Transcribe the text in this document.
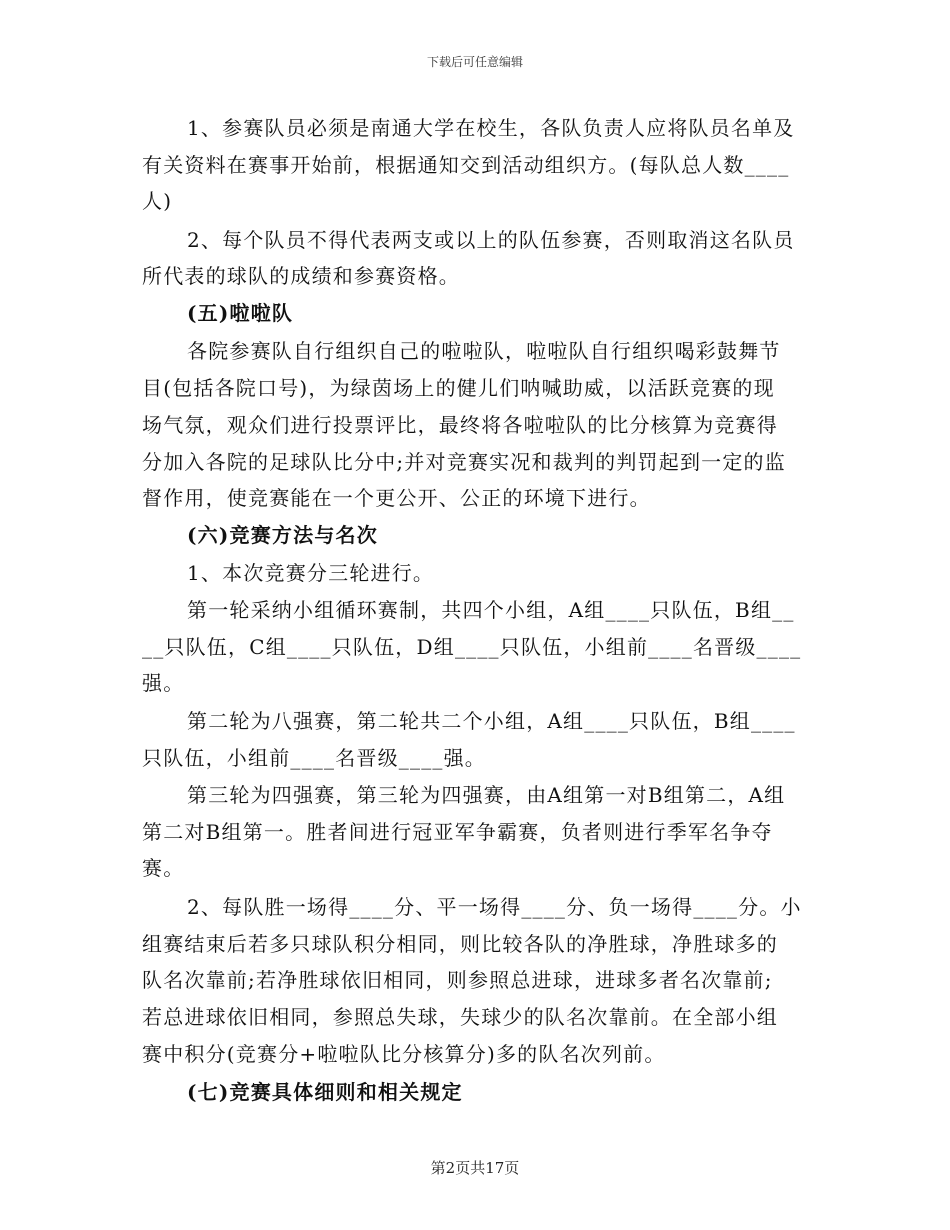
下载后可任意编辑
1、参赛队员必须是南通大学在校生，各队负责人应将队员名单及
有关资料在赛事开始前，根据通知交到活动组织方。(每队总人数____
人)
2、每个队员不得代表两支或以上的队伍参赛，否则取消这名队员
所代表的球队的成绩和参赛资格。
(五)啦啦队
各院参赛队自行组织自己的啦啦队，啦啦队自行组织喝彩鼓舞节
目(包括各院口号)，为绿茵场上的健儿们呐喊助威，以活跃竞赛的现
场气氛，观众们进行投票评比，最终将各啦啦队的比分核算为竞赛得
分加入各院的足球队比分中;并对竞赛实况和裁判的判罚起到一定的监
督作用，使竞赛能在一个更公开、公正的环境下进行。
(六)竞赛方法与名次
1、本次竞赛分三轮进行。
第一轮采纳小组循环赛制，共四个小组，A组____只队伍，B组__
__只队伍，C组____只队伍，D组____只队伍，小组前____名晋级____
强。
第二轮为八强赛，第二轮共二个小组，A组____只队伍，B组____
只队伍，小组前____名晋级____强。
第三轮为四强赛，第三轮为四强赛，由A组第一对B组第二，A组
第二对B组第一。胜者间进行冠亚军争霸赛，负者则进行季军名争夺
赛。
2、每队胜一场得____分、平一场得____分、负一场得____分。小
组赛结束后若多只球队积分相同，则比较各队的净胜球，净胜球多的
队名次靠前;若净胜球依旧相同，则参照总进球，进球多者名次靠前;
若总进球依旧相同，参照总失球，失球少的队名次靠前。在全部小组
赛中积分(竞赛分+啦啦队比分核算分)多的队名次列前。
(七)竞赛具体细则和相关规定
第2页共17页
